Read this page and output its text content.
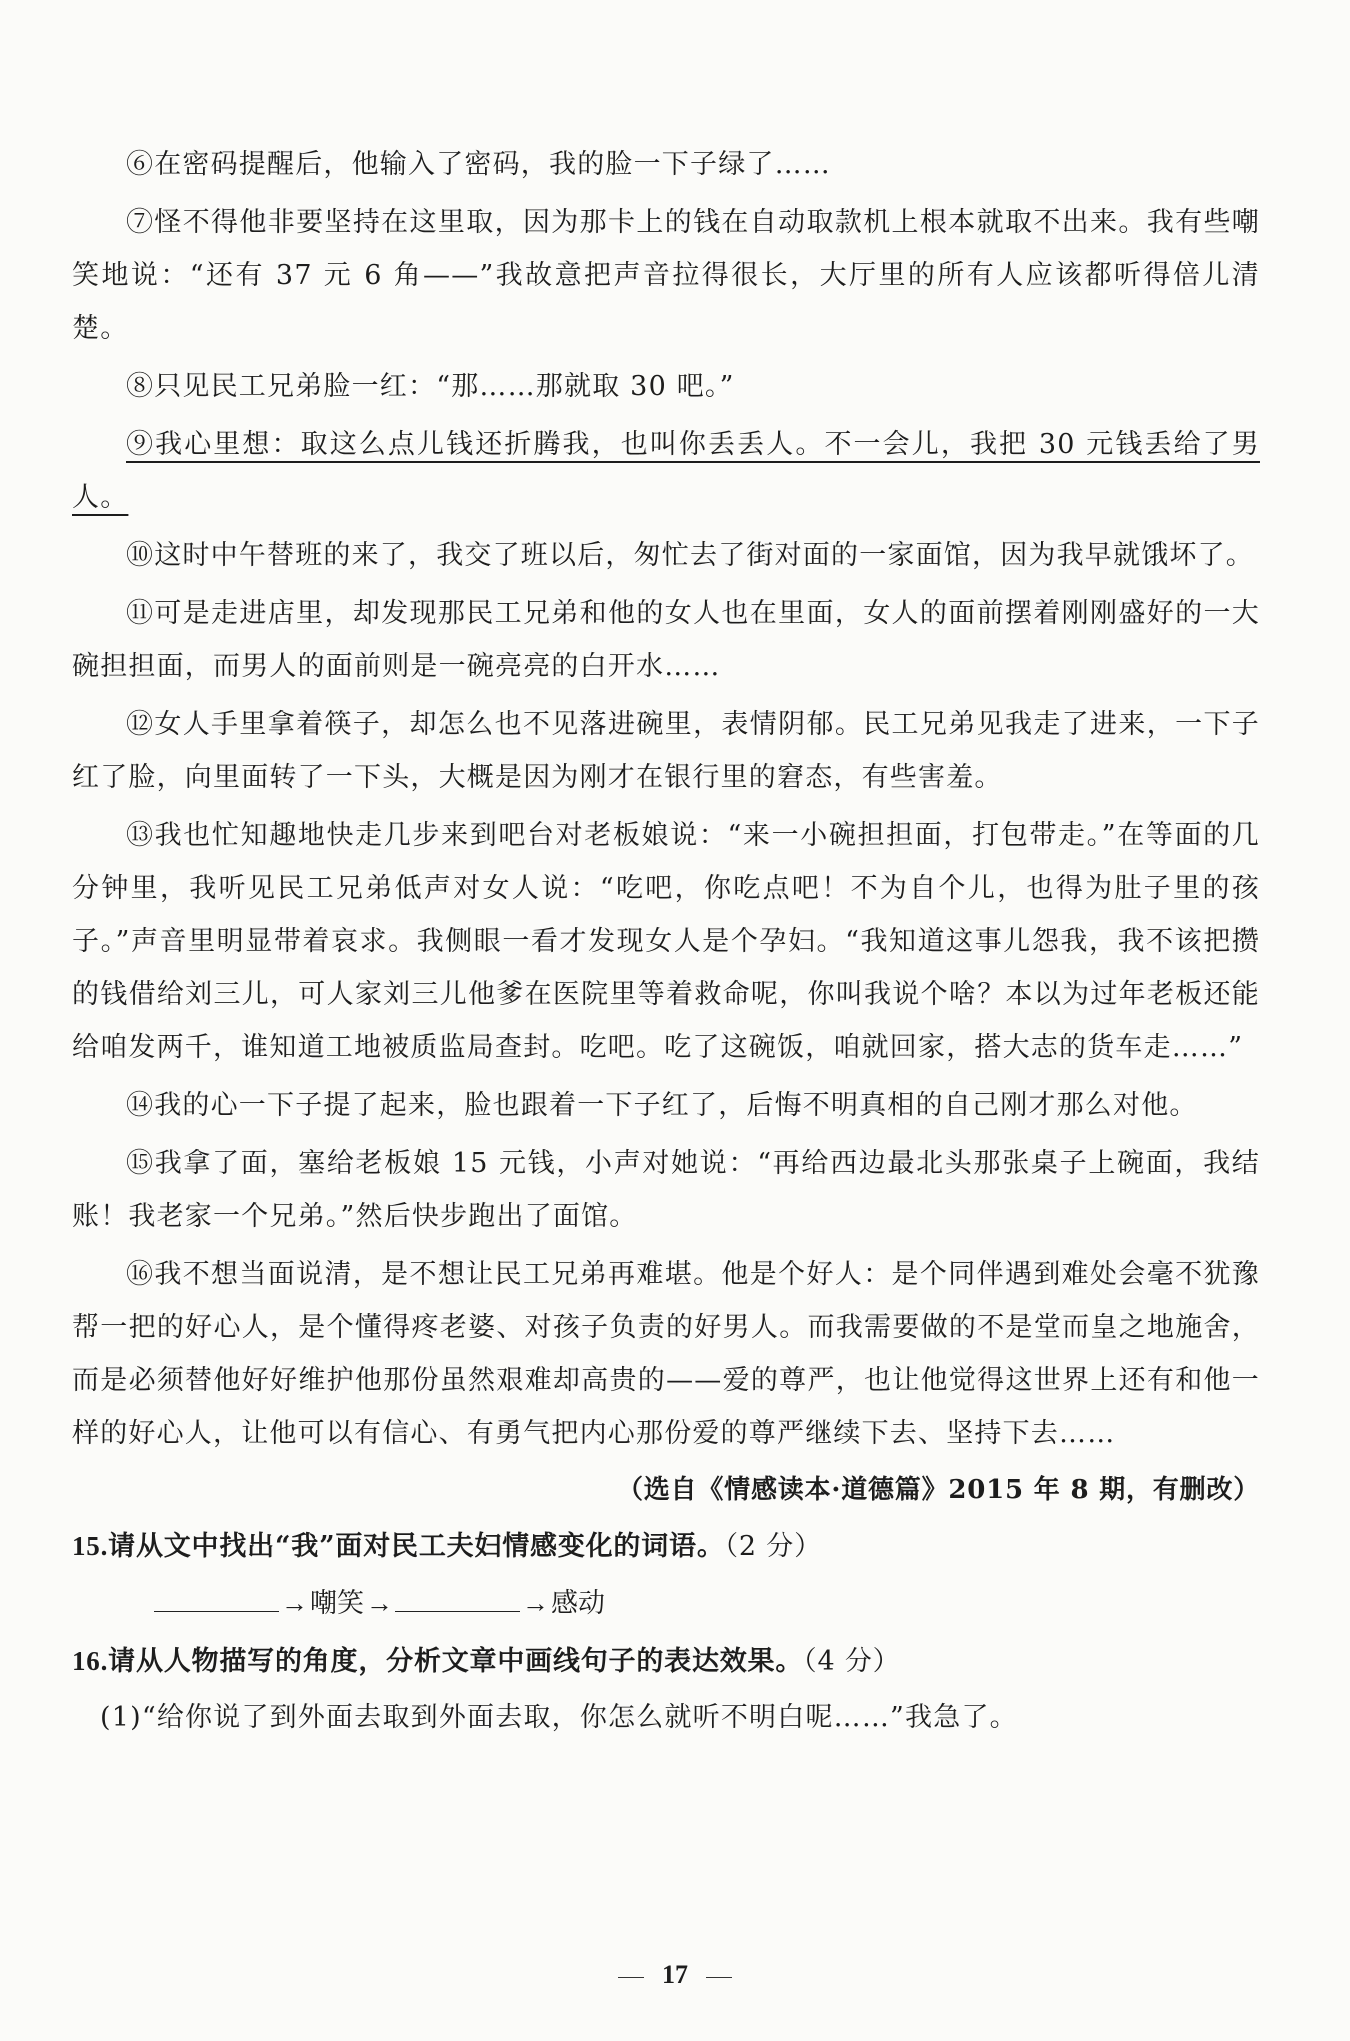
⑥在密码提醒后，他输入了密码，我的脸一下子绿了……

⑦怪不得他非要坚持在这里取，因为那卡上的钱在自动取款机上根本就取不出来。我有些嘲笑地说：“还有 37 元 6 角——”我故意把声音拉得很长，大厅里的所有人应该都听得倍儿清楚。

⑧只见民工兄弟脸一红：“那……那就取 30 吧。”

⑨我心里想：取这么点儿钱还折腾我，也叫你丢丢人。不一会儿，我把 30 元钱丢给了男人。

⑩这时中午替班的来了，我交了班以后，匆忙去了街对面的一家面馆，因为我早就饿坏了。

⑪可是走进店里，却发现那民工兄弟和他的女人也在里面，女人的面前摆着刚刚盛好的一大碗担担面，而男人的面前则是一碗亮亮的白开水……

⑫女人手里拿着筷子，却怎么也不见落进碗里，表情阴郁。民工兄弟见我走了进来，一下子红了脸，向里面转了一下头，大概是因为刚才在银行里的窘态，有些害羞。

⑬我也忙知趣地快走几步来到吧台对老板娘说：“来一小碗担担面，打包带走。”在等面的几分钟里，我听见民工兄弟低声对女人说：“吃吧，你吃点吧！不为自个儿，也得为肚子里的孩子。”声音里明显带着哀求。我侧眼一看才发现女人是个孕妇。“我知道这事儿怨我，我不该把攒的钱借给刘三儿，可人家刘三儿他爹在医院里等着救命呢，你叫我说个啥？本以为过年老板还能给咱发两千，谁知道工地被质监局查封。吃吧。吃了这碗饭，咱就回家，搭大志的货车走……”

⑭我的心一下子提了起来，脸也跟着一下子红了，后悔不明真相的自己刚才那么对他。

⑮我拿了面，塞给老板娘 15 元钱，小声对她说：“再给西边最北头那张桌子上碗面，我结账！我老家一个兄弟。”然后快步跑出了面馆。

⑯我不想当面说清，是不想让民工兄弟再难堪。他是个好人：是个同伴遇到难处会毫不犹豫帮一把的好心人，是个懂得疼老婆、对孩子负责的好男人。而我需要做的不是堂而皇之地施舍，而是必须替他好好维护他那份虽然艰难却高贵的——爱的尊严，也让他觉得这世界上还有和他一样的好心人，让他可以有信心、有勇气把内心那份爱的尊严继续下去、坚持下去……

（选自《情感读本·道德篇》2015 年 8 期，有删改）

15.请从文中找出“我”面对民工夫妇情感变化的词语。（2 分）

→嘲笑→	→感动

16.请从人物描写的角度，分析文章中画线句子的表达效果。（4 分）

(1)“给你说了到外面去取到外面去取，你怎么就听不明白呢……”我急了。

17
